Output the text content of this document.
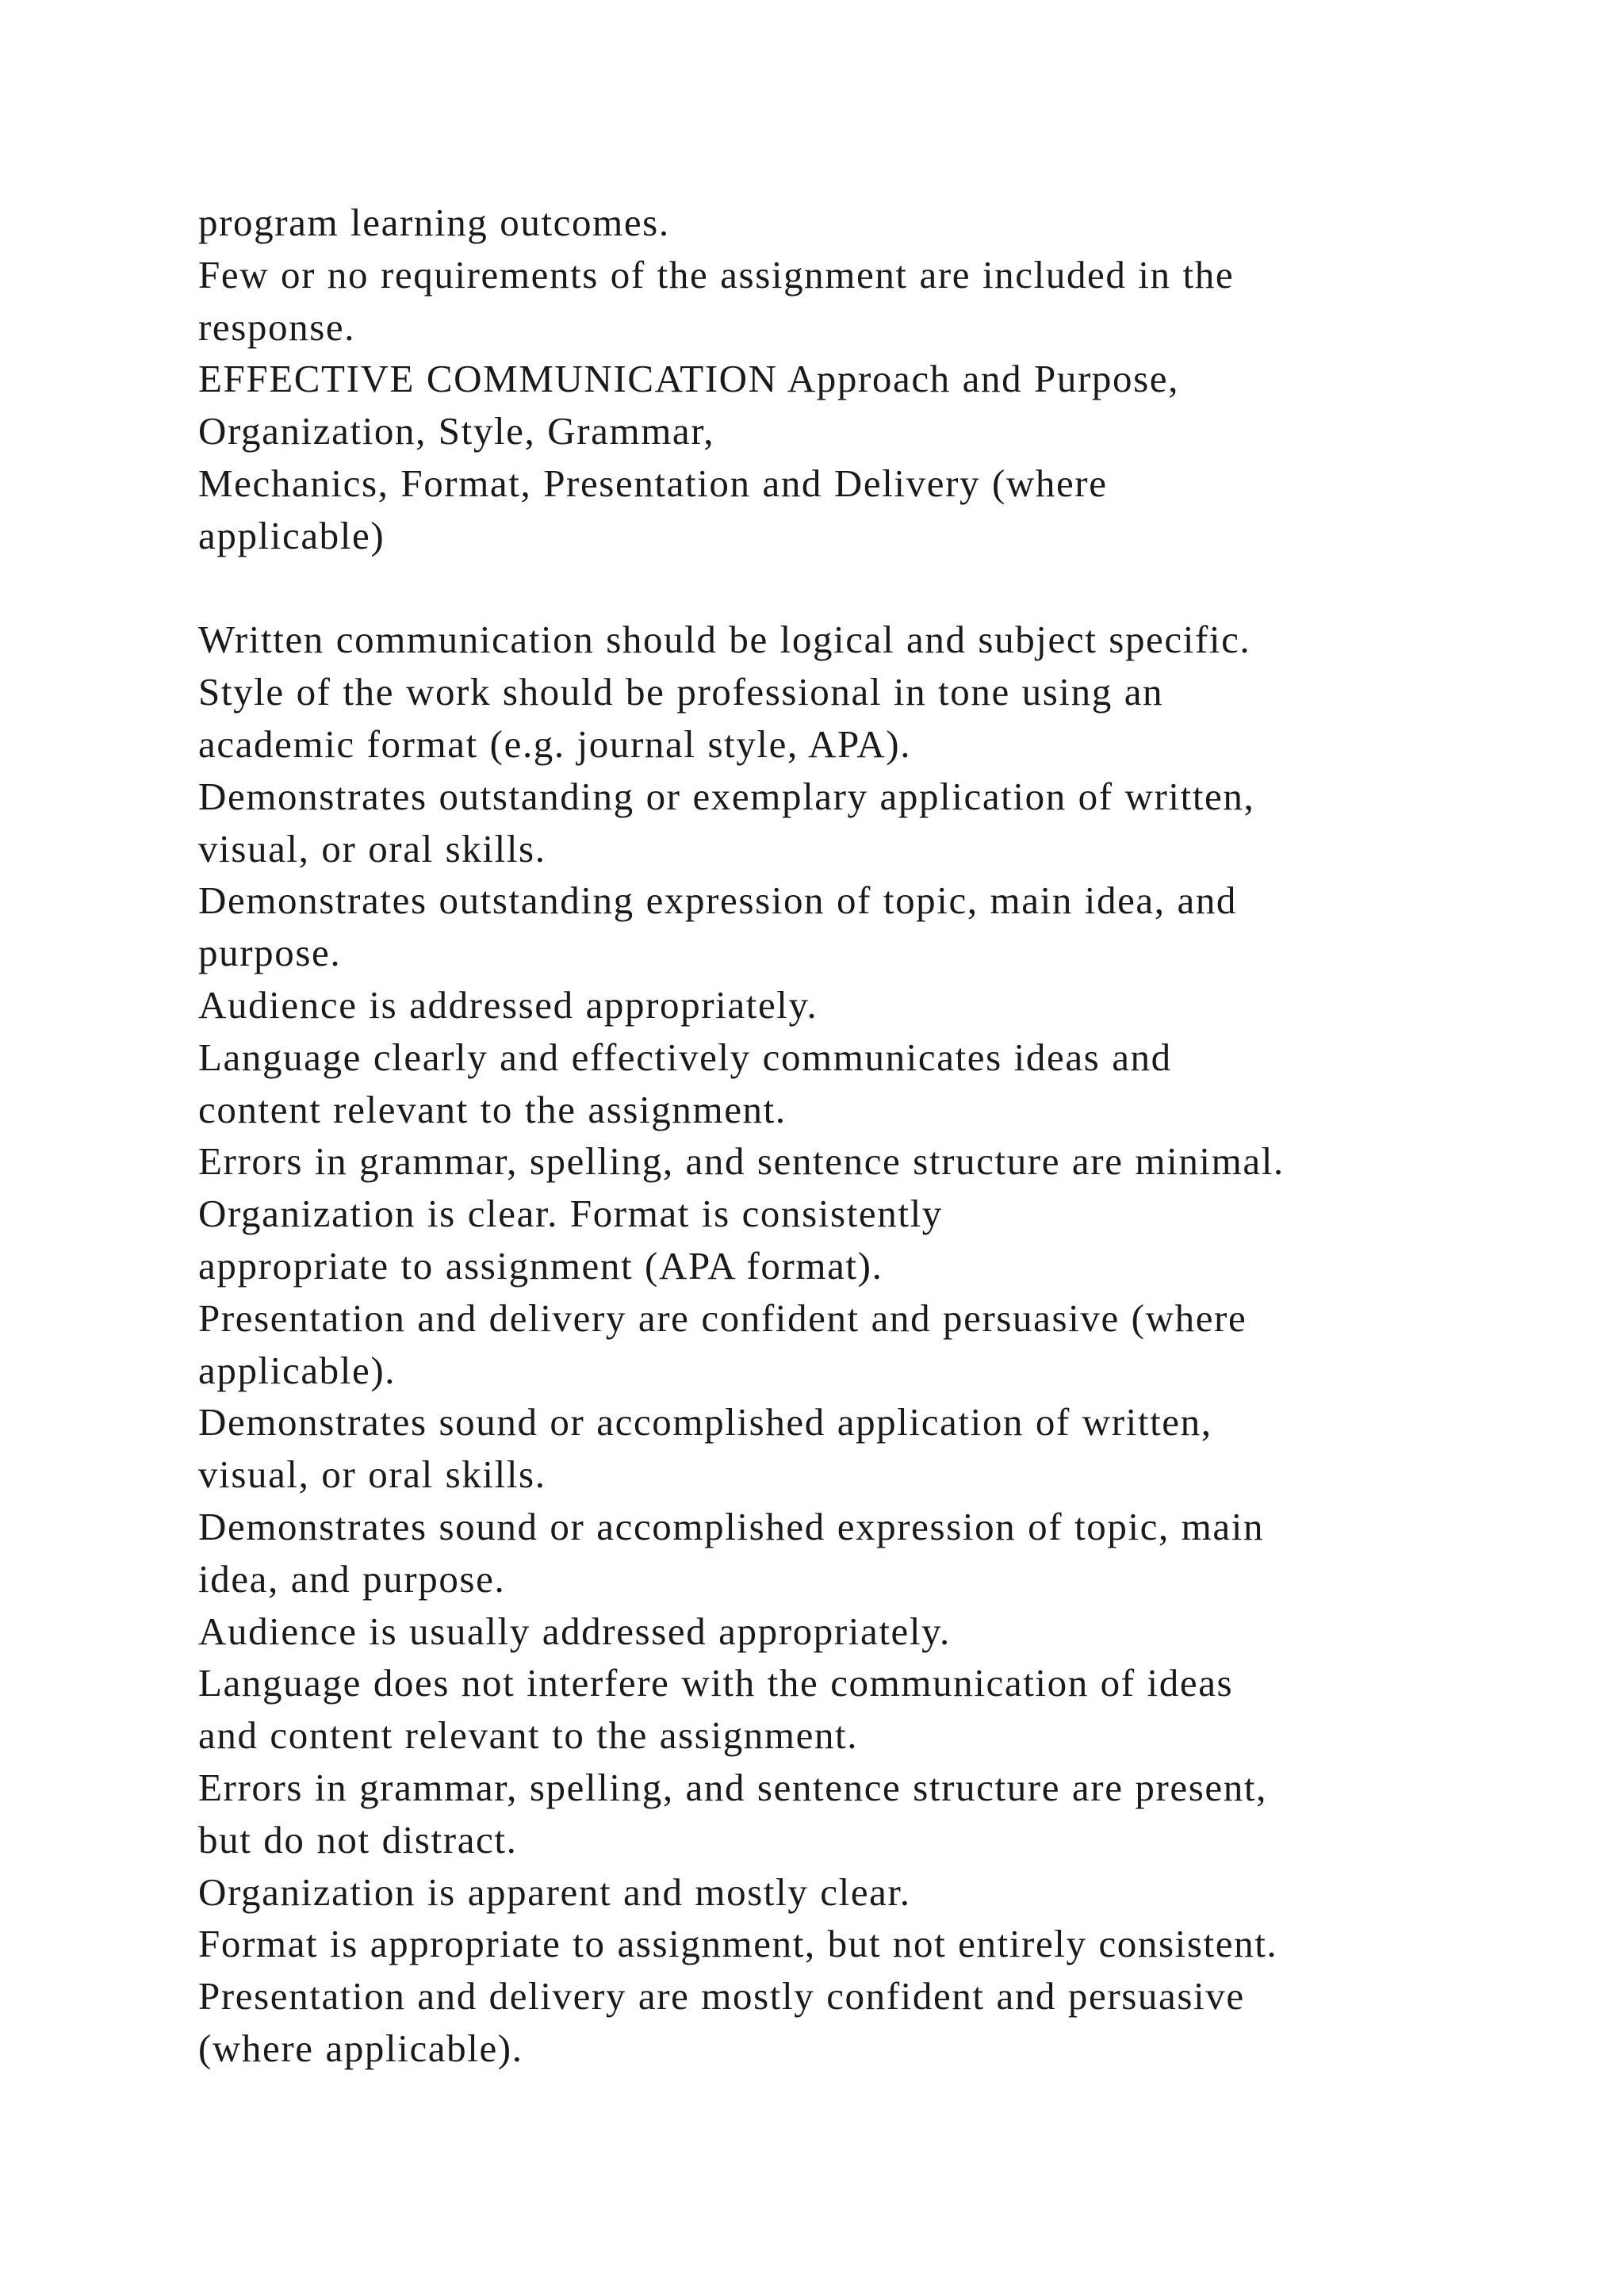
program learning outcomes.
Few or no requirements of the assignment are included in the
response.
EFFECTIVE COMMUNICATION Approach and Purpose,
Organization, Style, Grammar,
Mechanics, Format, Presentation and Delivery (where
applicable)
Written communication should be logical and subject specific.
Style of the work should be professional in tone using an
academic format (e.g. journal style, APA).
Demonstrates outstanding or exemplary application of written,
visual, or oral skills.
Demonstrates outstanding expression of topic, main idea, and
purpose.
Audience is addressed appropriately.
Language clearly and effectively communicates ideas and
content relevant to the assignment.
Errors in grammar, spelling, and sentence structure are minimal.
Organization is clear. Format is consistently
appropriate to assignment (APA format).
Presentation and delivery are confident and persuasive (where
applicable).
Demonstrates sound or accomplished application of written,
visual, or oral skills.
Demonstrates sound or accomplished expression of topic, main
idea, and purpose.
Audience is usually addressed appropriately.
Language does not interfere with the communication of ideas
and content relevant to the assignment.
Errors in grammar, spelling, and sentence structure are present,
but do not distract.
Organization is apparent and mostly clear.
Format is appropriate to assignment, but not entirely consistent.
Presentation and delivery are mostly confident and persuasive
(where applicable).
